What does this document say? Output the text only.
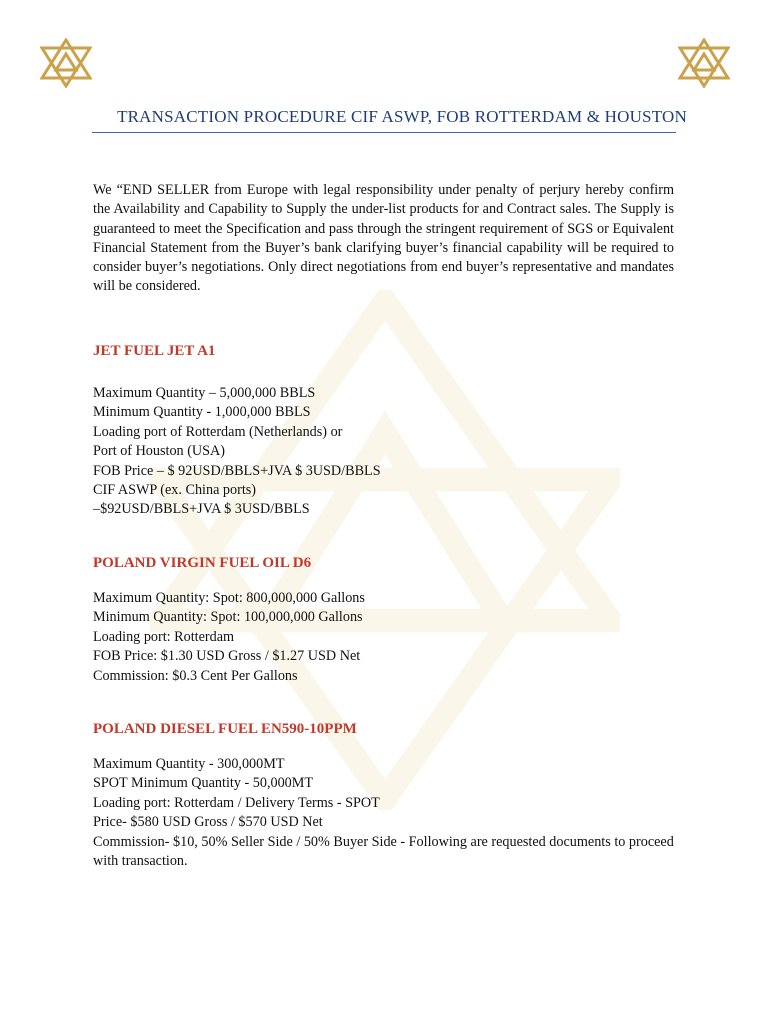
TRANSACTION PROCEDURE CIF ASWP, FOB ROTTERDAM & HOUSTON

We “END SELLER from Europe with legal responsibility under penalty of perjury hereby confirm the Availability and Capability to Supply the under-list products for and Contract sales. The Supply is guaranteed to meet the Specification and pass through the stringent requirement of SGS or Equivalent Financial Statement from the Buyer’s bank clarifying buyer’s financial capability will be required to consider buyer’s negotiations. Only direct negotiations from end buyer’s representative and mandates will be considered.

JET FUEL JET A1
Maximum Quantity – 5,000,000 BBLS
Minimum Quantity - 1,000,000 BBLS
Loading port of Rotterdam (Netherlands) or
Port of Houston (USA)
FOB Price – $ 92USD/BBLS+JVA $ 3USD/BBLS
CIF ASWP (ex. China ports)
–$92USD/BBLS+JVA $ 3USD/BBLS
POLAND VIRGIN FUEL OIL D6
Maximum Quantity: Spot: 800,000,000 Gallons
Minimum Quantity: Spot: 100,000,000 Gallons
Loading port: Rotterdam
FOB Price: $1.30 USD Gross / $1.27 USD Net
Commission: $0.3 Cent Per Gallons
POLAND DIESEL FUEL EN590-10PPM
Maximum Quantity - 300,000MT
SPOT Minimum Quantity - 50,000MT
Loading port: Rotterdam / Delivery Terms - SPOT
Price- $580 USD Gross / $570 USD Net
Commission- $10, 50% Seller Side / 50% Buyer Side - Following are requested documents to proceed with transaction.
